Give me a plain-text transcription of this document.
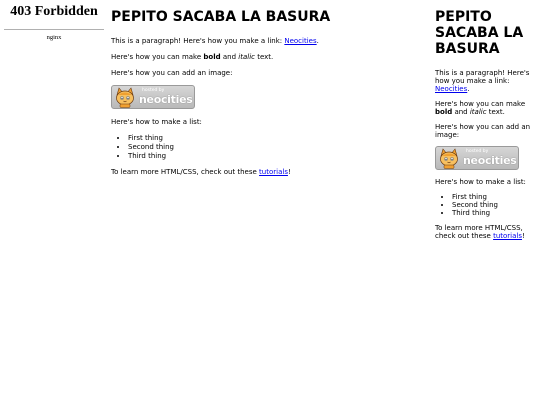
403 Forbidden
nginx
PEPITO SACABA LA BASURA

This is a paragraph! Here's how you make a link: Neocities.

Here's how you can make bold and italic text.

Here's how you can add an image:

hosted by
neocities

Here's how to make a list:

• First thing
• Second thing
• Third thing

To learn more HTML/CSS, check out these tutorials!

PEPITO SACABA LA BASURA

This is a paragraph! Here's how you make a link: Neocities.

Here's how you can make bold and italic text.

Here's how you can add an image:

hosted by
neocities

Here's how to make a list:

• First thing
• Second thing
• Third thing

To learn more HTML/CSS, check out these tutorials!
